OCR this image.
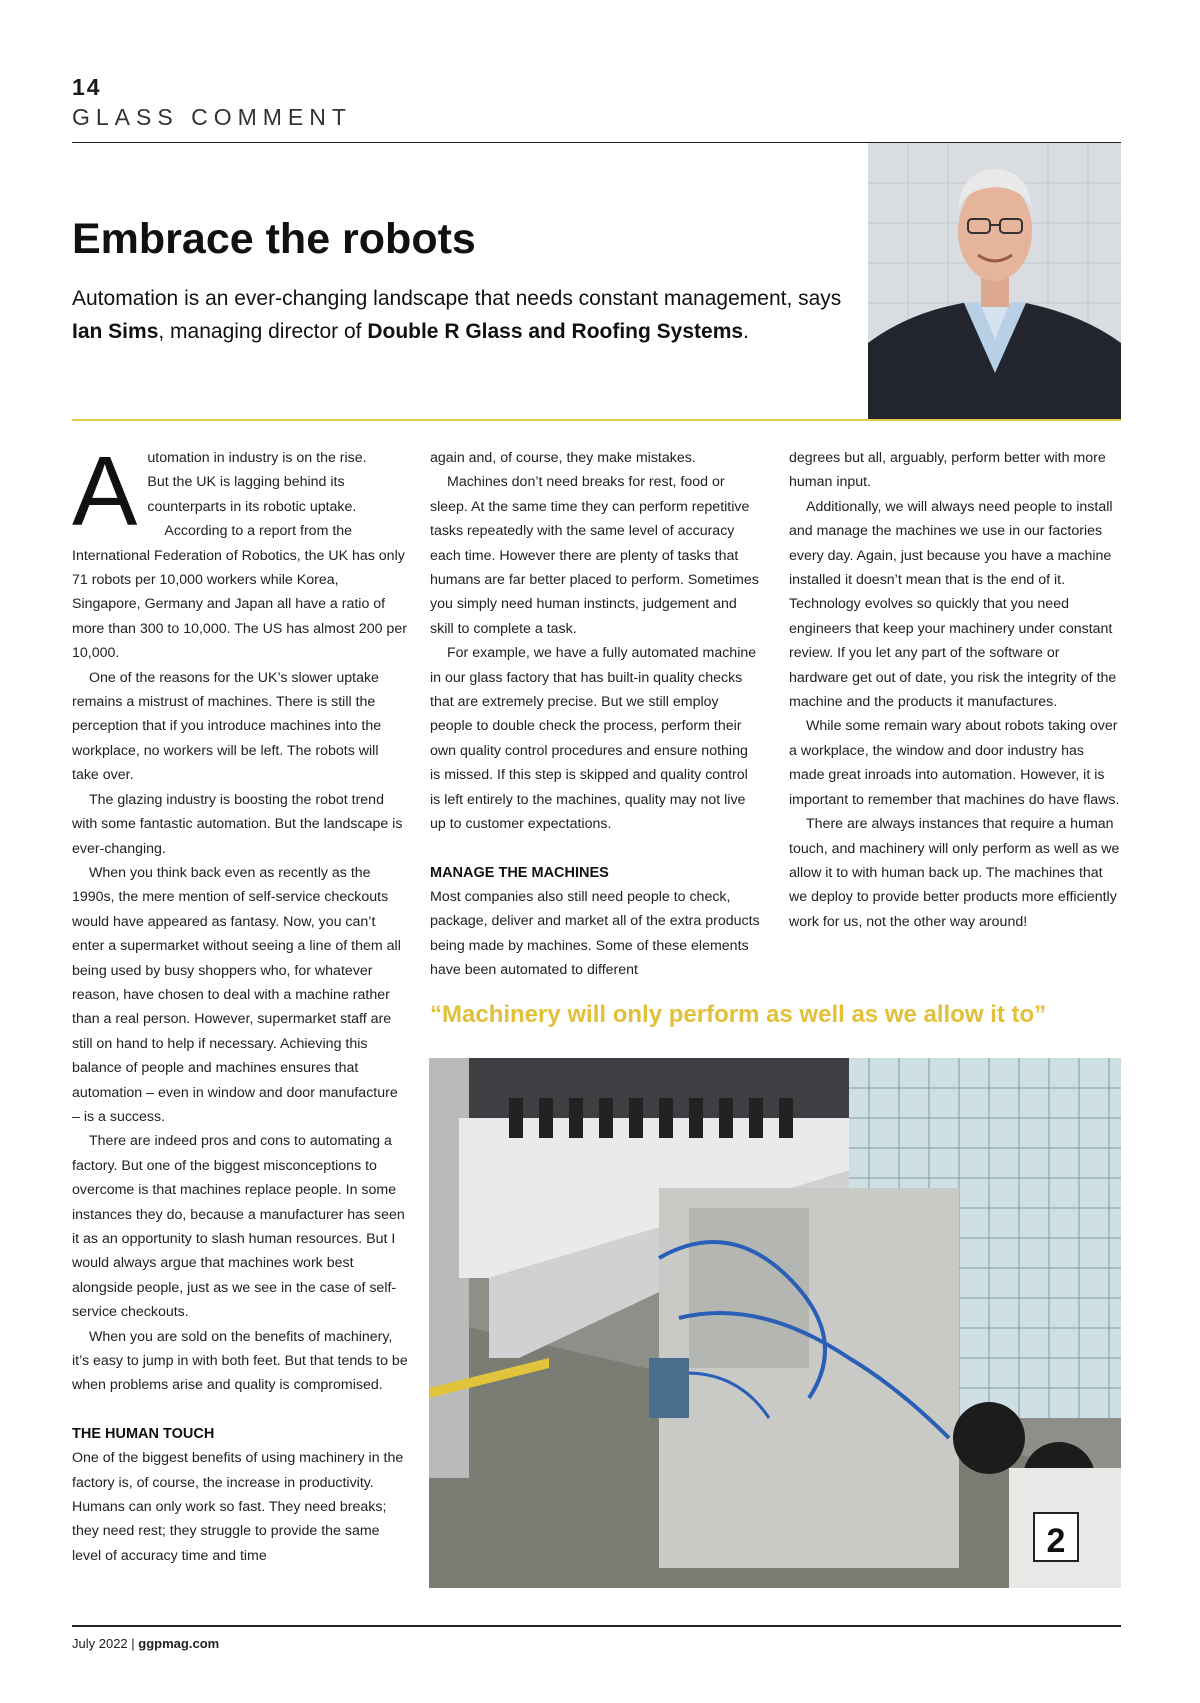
14
GLASS COMMENT
Embrace the robots

Automation is an ever-changing landscape that needs constant management, says Ian Sims, managing director of Double R Glass and Roofing Systems.

A utomation in industry is on the rise.
But the UK is lagging behind its
counterparts in its robotic uptake.
According to a report from the

International Federation of Robotics, the UK has only 71 robots per 10,000 workers while Korea, Singapore, Germany and Japan all have a ratio of more than 300 to 10,000. The US has almost 200 per 10,000.

One of the reasons for the UK’s slower uptake remains a mistrust of machines. There is still the perception that if you introduce machines into the workplace, no workers will be left. The robots will take over.

The glazing industry is boosting the robot trend with some fantastic automation. But the landscape is ever-changing.

When you think back even as recently as the 1990s, the mere mention of self-service checkouts would have appeared as fantasy. Now, you can’t enter a supermarket without seeing a line of them all being used by busy shoppers who, for whatever reason, have chosen to deal with a machine rather than a real person. However, supermarket staff are still on hand to help if necessary. Achieving this balance of people and machines ensures that automation – even in window and door manufacture – is a success.

There are indeed pros and cons to automating a factory. But one of the biggest misconceptions to overcome is that machines replace people. In some instances they do, because a manufacturer has seen it as an opportunity to slash human resources. But I would always argue that machines work best alongside people, just as we see in the case of self-service checkouts.

When you are sold on the benefits of machinery, it’s easy to jump in with both feet. But that tends to be when problems arise and quality is compromised.

THE HUMAN TOUCH

One of the biggest benefits of using machinery in the factory is, of course, the increase in productivity. Humans can only work so fast. They need breaks; they need rest; they struggle to provide the same level of accuracy time and time

again and, of course, they make mistakes.

Machines don’t need breaks for rest, food or sleep. At the same time they can perform repetitive tasks repeatedly with the same level of accuracy each time. However there are plenty of tasks that humans are far better placed to perform. Sometimes you simply need human instincts, judgement and skill to complete a task.

For example, we have a fully automated machine in our glass factory that has built-in quality checks that are extremely precise. But we still employ people to double check the process, perform their own quality control procedures and ensure nothing is missed. If this step is skipped and quality control is left entirely to the machines, quality may not live up to customer expectations.

MANAGE THE MACHINES

Most companies also still need people to check, package, deliver and market all of the extra products being made by machines. Some of these elements have been automated to different

degrees but all, arguably, perform better with more human input.

Additionally, we will always need people to install and manage the machines we use in our factories every day. Again, just because you have a machine installed it doesn’t mean that is the end of it. Technology evolves so quickly that you need engineers that keep your machinery under constant review. If you let any part of the software or hardware get out of date, you risk the integrity of the machine and the products it manufactures.

While some remain wary about robots taking over a workplace, the window and door industry has made great inroads into automation. However, it is important to remember that machines do have flaws.

There are always instances that require a human touch, and machinery will only perform as well as we allow it to with human back up. The machines that we deploy to provide better products more efficiently work for us, not the other way around!

“Machinery will only perform as well as we allow it to”

2
July 2022 | ggpmag.com
